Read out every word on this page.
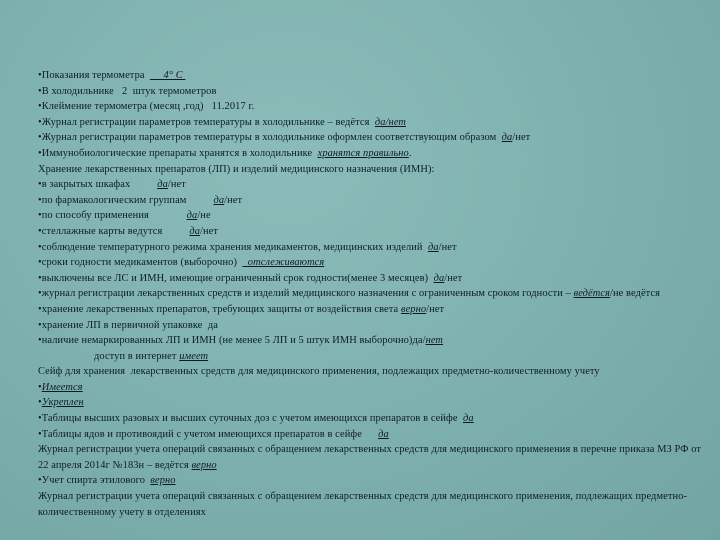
•Показания термометра       4° С
•В холодильнике   2  штук термометров
•Клеймение термометра (месяц ,год)   11.2017 г.
•Журнал регистрации параметров температуры в холодильнике – ведётся  да/нет
•Журнал регистрации параметров температуры в холодильнике оформлен соответствующим образом  да/нет
•Иммунобиологические препараты хранятся в холодильнике  хранятся правильно.
Хранение лекарственных препаратов (ЛП) и изделий медицинского назначения (ИМН):
•в закрытых шкафах          да/нет
•по фармакологическим группам          да/нет
•по способу применения              да/не
•стеллажные карты ведутся          да/нет
•соблюдение температурного режима хранения медикаментов, медицинских изделий  да/нет
•сроки годности медикаментов (выборочно)    отслеживаются
•выключены все ЛС и ИМН, имеющие ограниченный срок годности(менее 3 месяцев)  да/нет
•журнал регистрации лекарственных средств и изделий медицинского назначения с ограниченным сроком годности – ведётся/не ведётся
•хранение лекарственных препаратов, требующих защиты от воздействия света верно/нет
•хранение ЛП в первичной упаковке  да
•наличие немаркированных ЛП и ИМН (не менее 5 ЛП и 5 штук ИМН выборочно)да/нет
доступ в интернет имеет
Сейф для хранения  лекарственных средств для медицинского применения, подлежащих предметно-количественному учету
•Имеется
•Укреплен
•Таблицы высших разовых и высших суточных доз с учетом имеющихся препаратов в сейфе  да
•Таблицы ядов и противоядий с учетом имеющихся препаратов в сейфе      да
Журнал регистрации учета операций связанных с обращением лекарственных средств для медицинского применения в перечне приказа МЗ РФ от 22 апреля 2014г №183н – ведётся верно
•Учет спирта этилового  верно
Журнал регистрации учета операций связанных с обращением лекарственных средств для медицинского применения, подлежащих предметно-количественному учету в отделениях
